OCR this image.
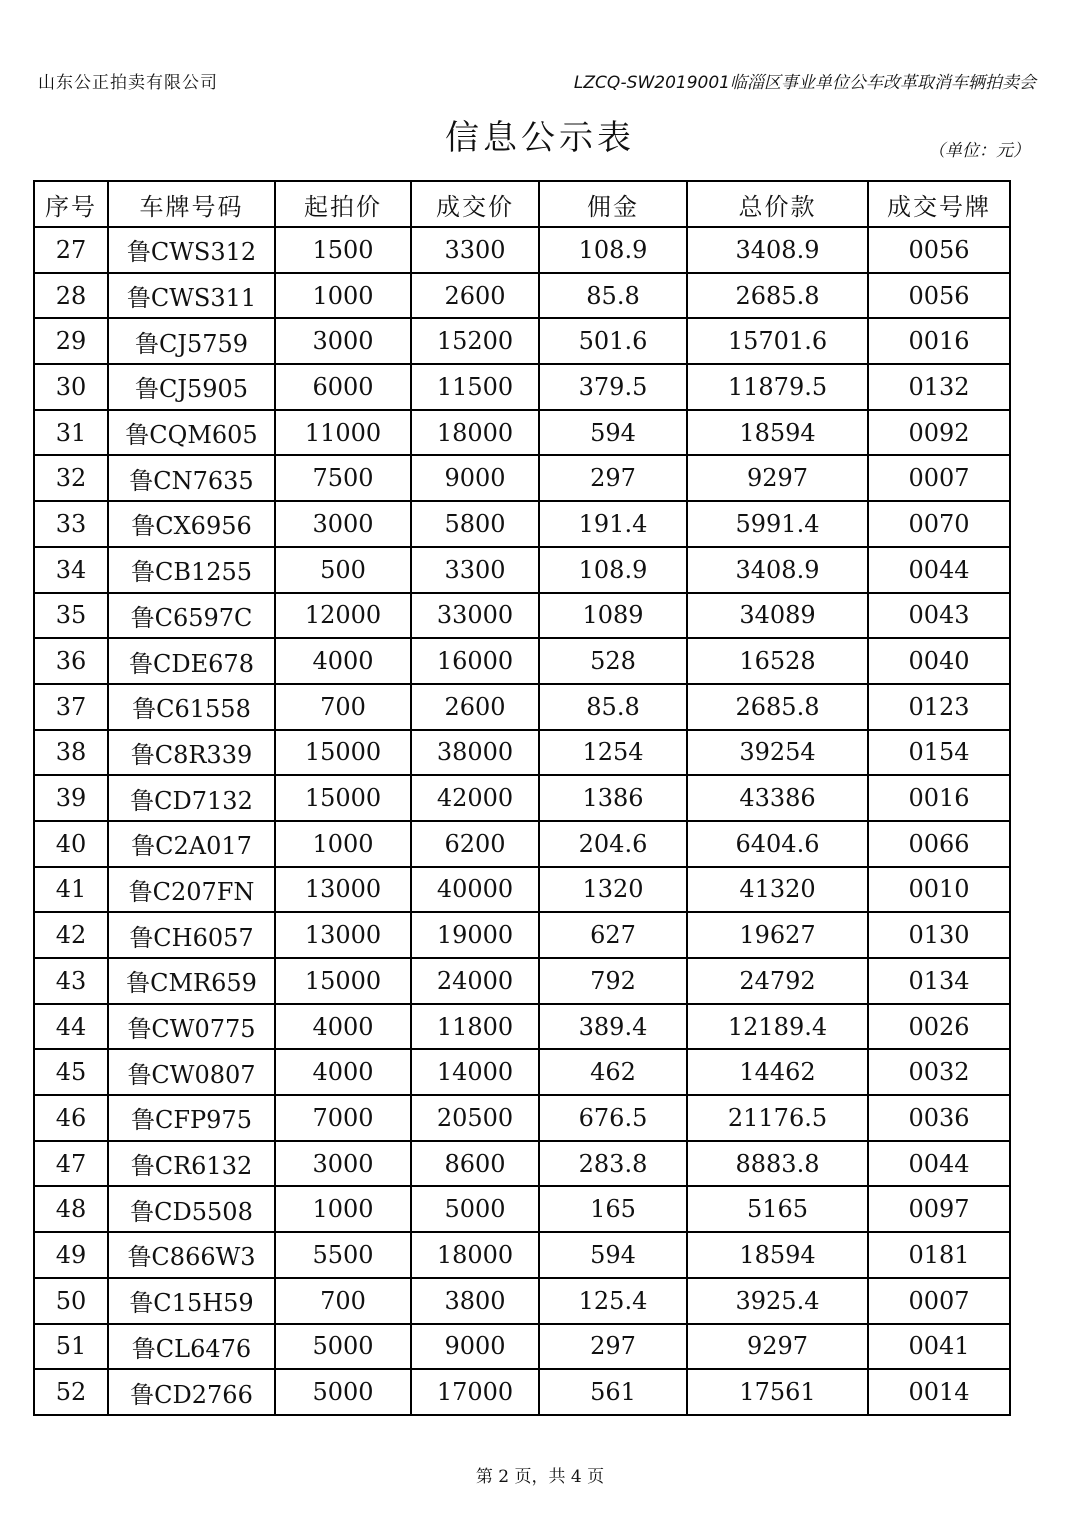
山东公正拍卖有限公司	LZCQ-SW2019001临淄区事业单位公车改革取消车辆拍卖会
信息公示表	（单位：元）
序号	车牌号码	起拍价	成交价	佣金	总价款	成交号牌
27	鲁CWS312	1500	3300	108.9	3408.9	0056
28	鲁CWS311	1000	2600	85.8	2685.8	0056
29	鲁CJ5759	3000	15200	501.6	15701.6	0016
30	鲁CJ5905	6000	11500	379.5	11879.5	0132
31	鲁CQM605	11000	18000	594	18594	0092
32	鲁CN7635	7500	9000	297	9297	0007
33	鲁CX6956	3000	5800	191.4	5991.4	0070
34	鲁CB1255	500	3300	108.9	3408.9	0044
35	鲁C6597C	12000	33000	1089	34089	0043
36	鲁CDE678	4000	16000	528	16528	0040
37	鲁C61558	700	2600	85.8	2685.8	0123
38	鲁C8R339	15000	38000	1254	39254	0154
39	鲁CD7132	15000	42000	1386	43386	0016
40	鲁C2A017	1000	6200	204.6	6404.6	0066
41	鲁C207FN	13000	40000	1320	41320	0010
42	鲁CH6057	13000	19000	627	19627	0130
43	鲁CMR659	15000	24000	792	24792	0134
44	鲁CW0775	4000	11800	389.4	12189.4	0026
45	鲁CW0807	4000	14000	462	14462	0032
46	鲁CFP975	7000	20500	676.5	21176.5	0036
47	鲁CR6132	3000	8600	283.8	8883.8	0044
48	鲁CD5508	1000	5000	165	5165	0097
49	鲁C866W3	5500	18000	594	18594	0181
50	鲁C15H59	700	3800	125.4	3925.4	0007
51	鲁CL6476	5000	9000	297	9297	0041
52	鲁CD2766	5000	17000	561	17561	0014
第 2 页，共 4 页
